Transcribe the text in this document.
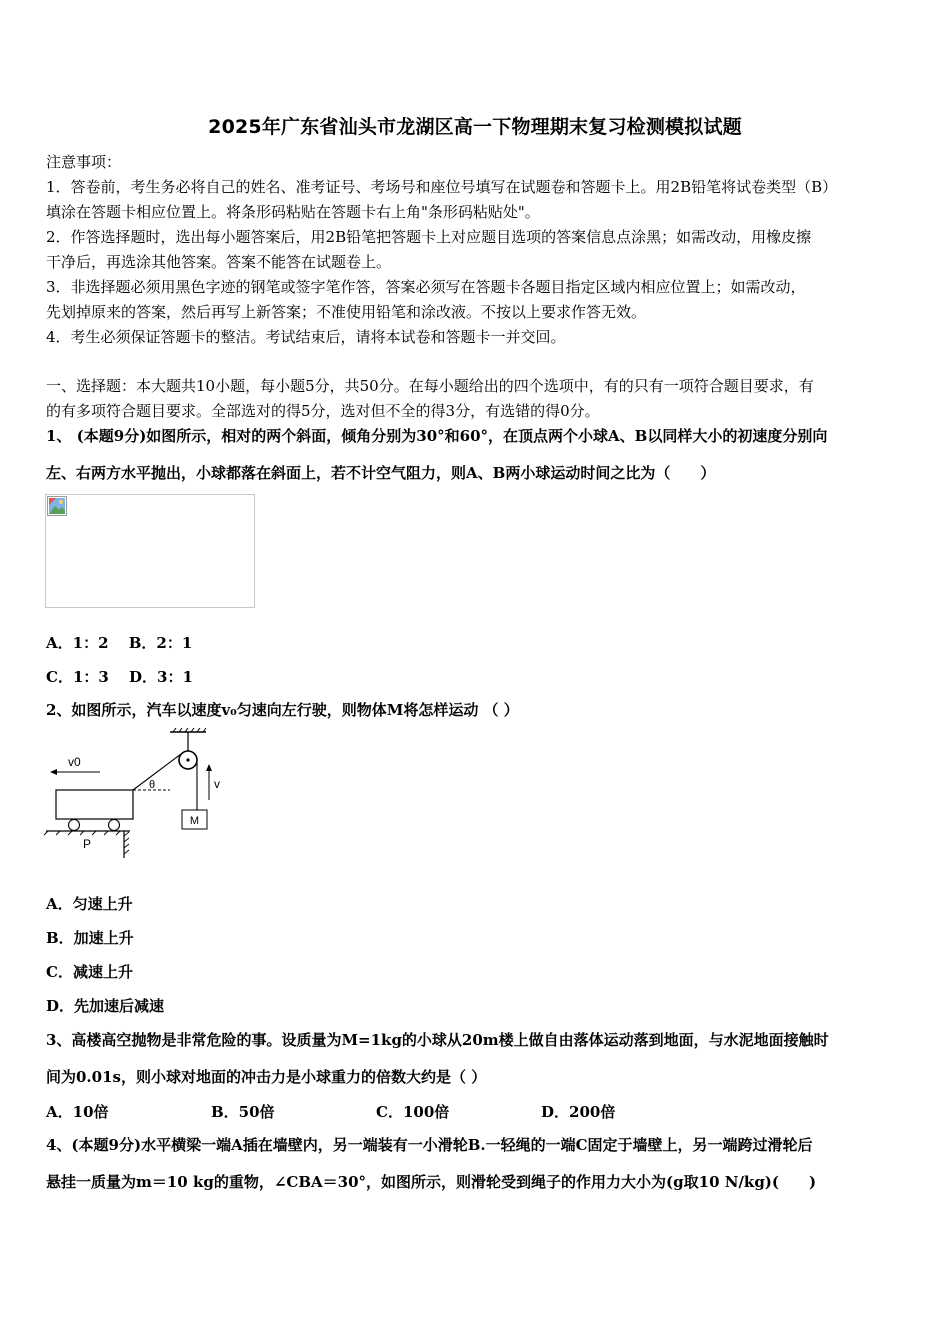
2025年广东省汕头市龙湖区高一下物理期末复习检测模拟试题
注意事项：
1．答卷前，考生务必将自己的姓名、准考证号、考场号和座位号填写在试题卷和答题卡上。用2B铅笔将试卷类型（B）
填涂在答题卡相应位置上。将条形码粘贴在答题卡右上角"条形码粘贴处"。
2．作答选择题时，选出每小题答案后，用2B铅笔把答题卡上对应题目选项的答案信息点涂黑；如需改动，用橡皮擦
干净后，再选涂其他答案。答案不能答在试题卷上。
3．非选择题必须用黑色字迹的钢笔或签字笔作答，答案必须写在答题卡各题目指定区域内相应位置上；如需改动，
先划掉原来的答案，然后再写上新答案；不准使用铅笔和涂改液。不按以上要求作答无效。
4．考生必须保证答题卡的整洁。考试结束后，请将本试卷和答题卡一并交回。
一、选择题：本大题共10小题，每小题5分，共50分。在每小题给出的四个选项中，有的只有一项符合题目要求，有
的有多项符合题目要求。全部选对的得5分，选对但不全的得3分，有选错的得0分。
1、 (本题9分)如图所示，相对的两个斜面，倾角分别为30°和60°，在顶点两个小球A、B以同样大小的初速度分别向
左、右两方水平抛出，小球都落在斜面上，若不计空气阻力，则A、B两小球运动时间之比为（　　）
A．1：2　 B．2：1
C．1：3　 D．3：1
2、如图所示，汽车以速度v₀匀速向左行驶，则物体M将怎样运动 （ ）
M
v
θ
v0
P
A．匀速上升
B．加速上升
C．减速上升
D．先加速后减速
3、高楼高空抛物是非常危险的事。设质量为M=1kg的小球从20m楼上做自由落体运动落到地面，与水泥地面接触时
间为0.01s，则小球对地面的冲击力是小球重力的倍数大约是（ ）
A．10倍	B．50倍	C．100倍	D．200倍
4、(本题9分)水平横梁一端A插在墙壁内，另一端装有一小滑轮B.一轻绳的一端C固定于墙壁上，另一端跨过滑轮后
悬挂一质量为m＝10 kg的重物，∠CBA＝30°，如图所示，则滑轮受到绳子的作用力大小为(g取10 N/kg)(　　)
